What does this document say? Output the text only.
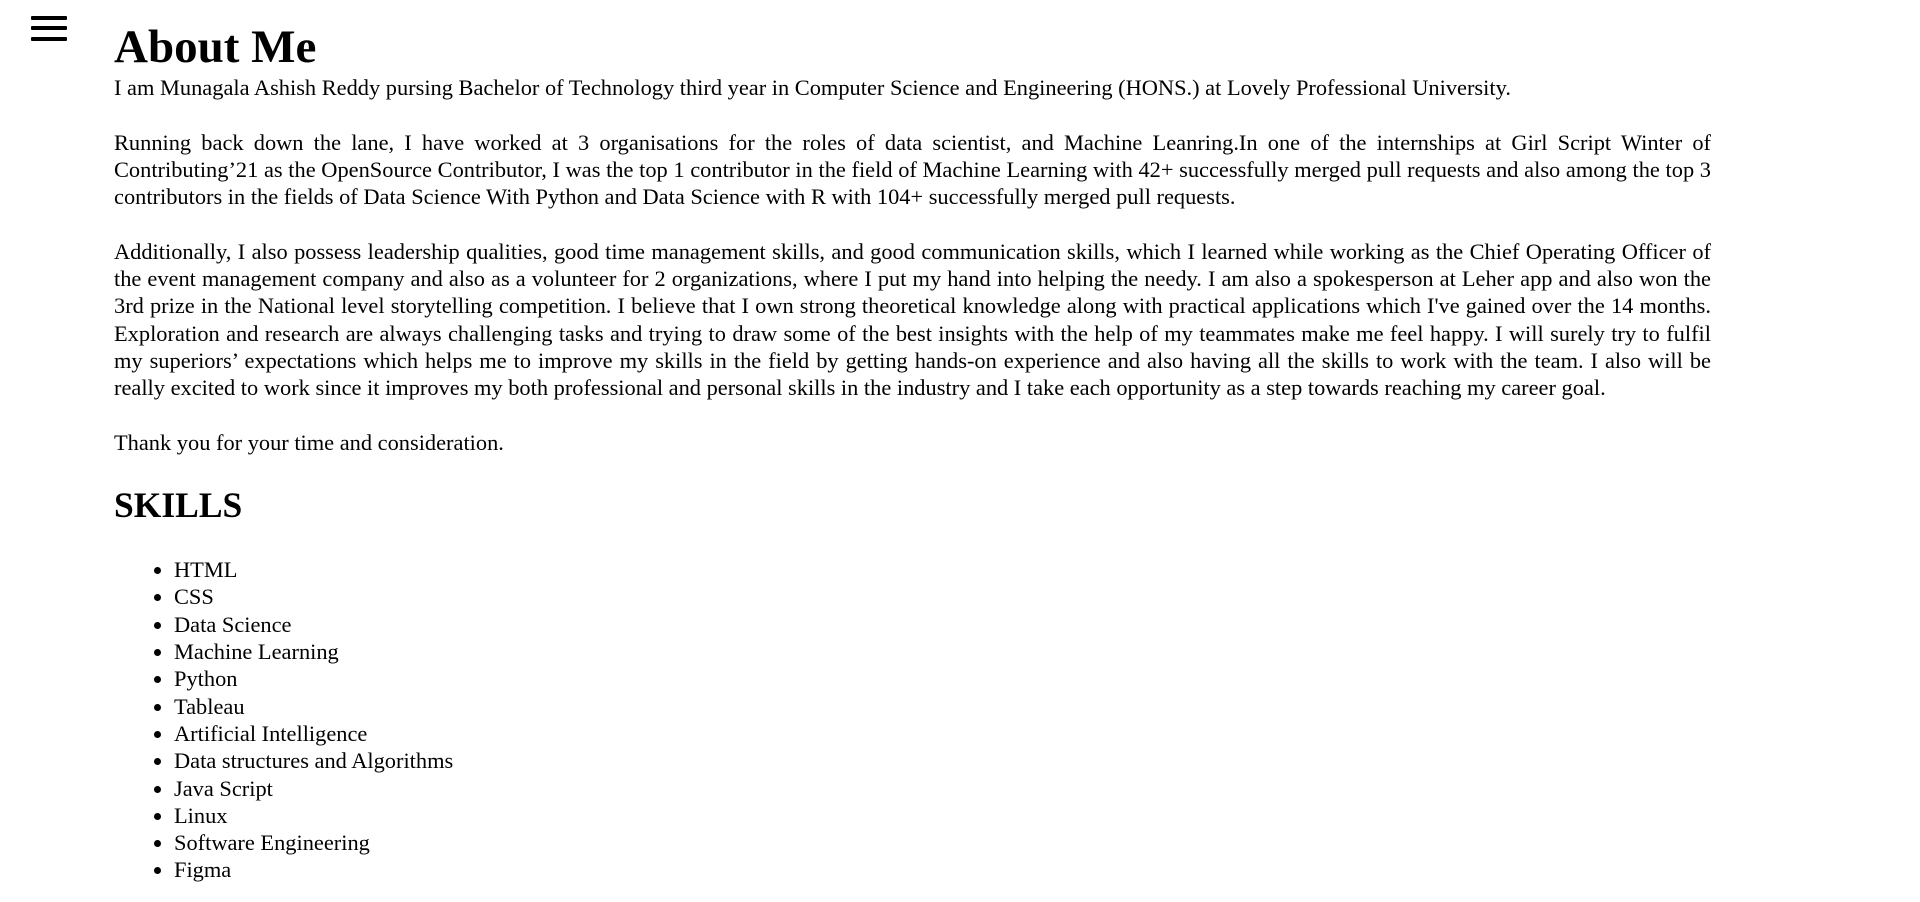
About Me

I am Munagala Ashish Reddy pursing Bachelor of Technology third year in Computer Science and Engineering (HONS.) at Lovely Professional University.

Running back down the lane, I have worked at 3 organisations for the roles of data scientist, and Machine Leanring.In one of the internships at Girl Script Winter of Contributing’21 as the OpenSource Contributor, I was the top 1 contributor in the field of Machine Learning with 42+ successfully merged pull requests and also among the top 3 contributors in the fields of Data Science With Python and Data Science with R with 104+ successfully merged pull requests.

Additionally, I also possess leadership qualities, good time management skills, and good communication skills, which I learned while working as the Chief Operating Officer of the event management company and also as a volunteer for 2 organizations, where I put my hand into helping the needy. I am also a spokesperson at Leher app and also won the 3rd prize in the National level storytelling competition. I believe that I own strong theoretical knowledge along with practical applications which I've gained over the 14 months. Exploration and research are always challenging tasks and trying to draw some of the best insights with the help of my teammates make me feel happy. I will surely try to fulfil my superiors’ expectations which helps me to improve my skills in the field by getting hands-on experience and also having all the skills to work with the team. I also will be really excited to work since it improves my both professional and personal skills in the industry and I take each opportunity as a step towards reaching my career goal.

Thank you for your time and consideration.

SKILLS
• HTML
• CSS
• Data Science
• Machine Learning
• Python
• Tableau
• Artificial Intelligence
• Data structures and Algorithms
• Java Script
• Linux
• Software Engineering
• Figma
